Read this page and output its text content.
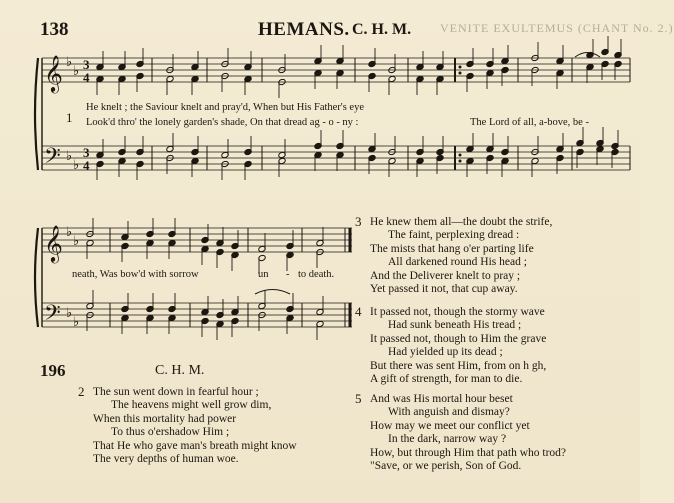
138	HEMANS. C. H. M. VENITE EXULTEMUS (CHANT No. 2.)
𝄞
𝄢
𝄞
𝄢
♭
♭
♭
♭
♭
♭
♭
♭
3
4
3
4
1
He knelt ; the Saviour knelt and pray'd, When but His Father's eye
Look'd thro' the lonely garden's shade, On that dread ag - o - ny :	The Lord of all, a-bove, be -
neath, Was bow'd with sorrow	un - to death.
3 He knew them all—the doubt the strife,
The faint, perplexing dread :
The mists that hang o'er parting life
All darkened round His head ;
And the Deliverer knelt to pray ;
Yet passed it not, that cup away.
4 It passed not, though the stormy wave
Had sunk beneath His tread ;
It passed not, though to Him the grave
Had yielded up its dead ;
But there was sent Him, from on h gh,
A gift of strength, for man to die.
5 And was His mortal hour beset
With anguish and dismay?
How may we meet our conflict yet
In the dark, narrow way ?
How, but through Him that path who trod?
"Save, or we perish, Son of God.
196	C. H. M.
2 The sun went down in fearful hour ;
The heavens might well grow dim,
When this mortality had power
To thus o'ershadow Him ;
That He who gave man's breath might know
The very depths of human woe.
